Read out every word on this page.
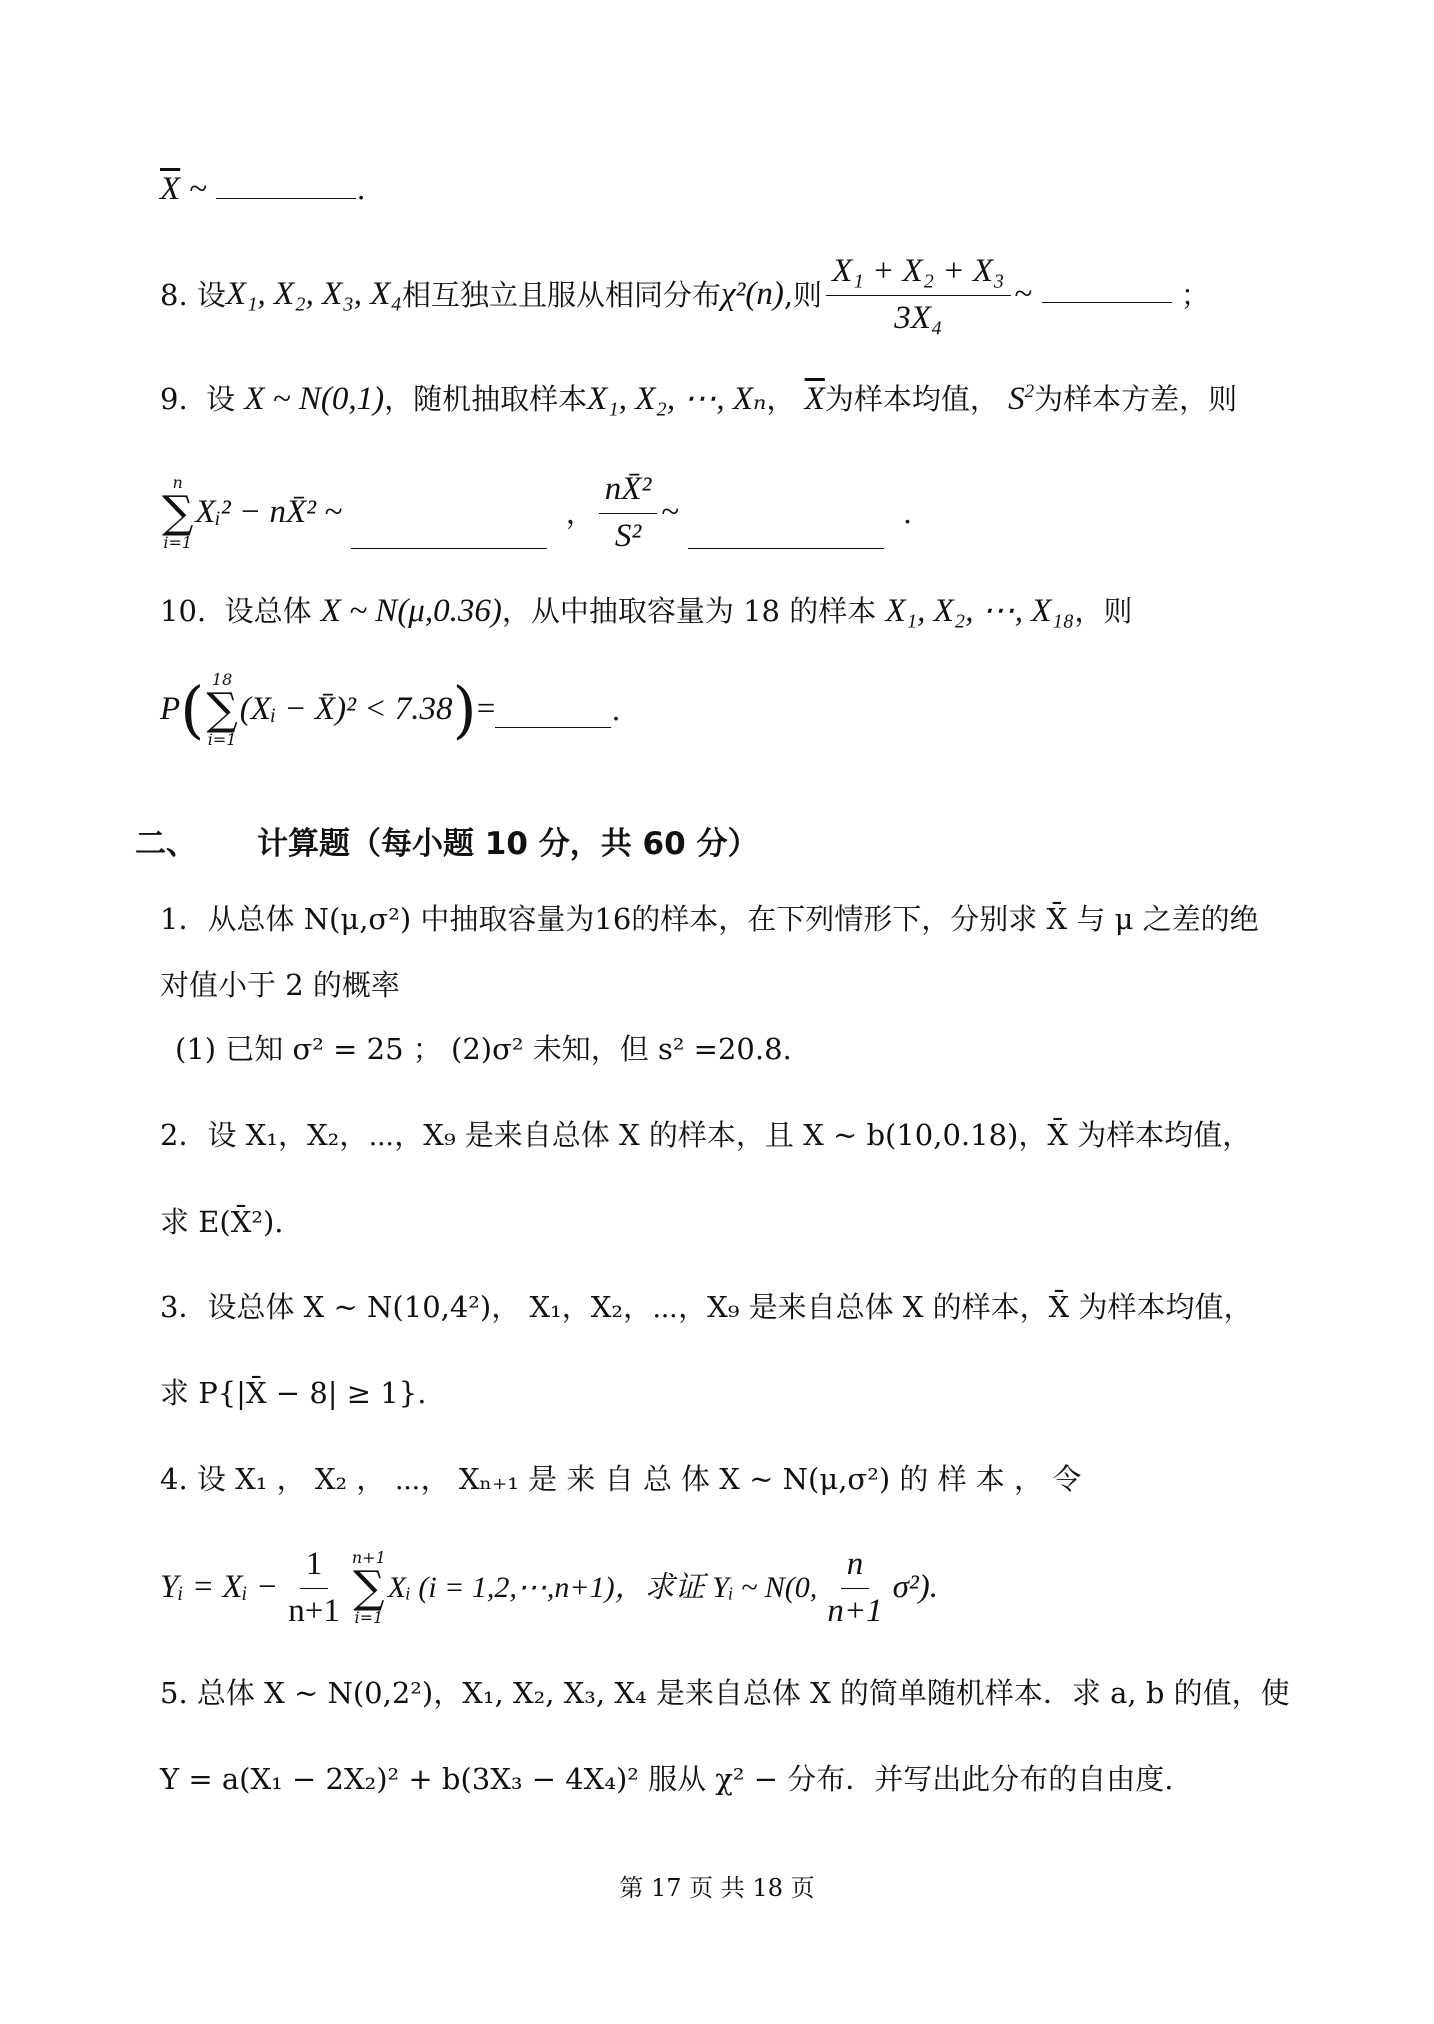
$\overline{X}$ ~	.
8.
设 X₁, X₂, X₃, X₄ 相互独立且服从相同分布 χ²(n) ,则 $\frac{\text{X₁ + X₂ + X₃}}{\text{3X₄}}$ ~

	；
9. 设 X ~ N(0,1)，随机抽取样本X₁, X₂, ⋯, Xₙ， $\overline{X}$为样本均值， $S^2$为样本方差，则
n
∑
i=1
Xᵢ² − nX̄² ~

	， $\frac{\text{nX̄²}}{\text{S²}}$ ~

	.
10. 设总体 X ~ N(μ,0.36)，从中抽取容量为 18 的样本 X₁, X₂, ⋯, X₁₈，则
P ( 18
∑
i=1
(Xᵢ − X̄)² < 7.38 ) =	.
二、 计算题（每小题 10 分，共 60 分）
1．从总体 N(μ,σ²) 中抽取容量为16的样本，在下列情形下，分别求 X̄ 与 μ 之差的绝
对值小于 2 的概率
(1) 已知 σ² = 25 ； (2)σ² 未知，但 s² =20.8.
2．设 X₁，X₂，⋯，X₉ 是来自总体 X 的样本，且 X ~ b(10,0.18)，X̄ 为样本均值，
求 E(X̄²).
3．设总体 X ~ N(10,4²)， X₁，X₂，⋯，X₉ 是来自总体 X 的样本，X̄ 为样本均值，
求 P{|X̄ − 8| ≥ 1}.
4. 设 X₁ ， X₂ ， ⋯， Xₙ₊₁ 是 来 自 总 体 X ~ N(μ,σ²) 的 样 本 ， 令
Yᵢ = Xᵢ − $\frac{1}{n+1} n+1$
∑
i=1
Xᵢ (i = 1,2,⋯,n+1)，求证 Yᵢ ~ N(0, $\frac{n}{n+1} \sigma^2$).
5. 总体 X ~ N(0,2²)，X₁, X₂, X₃, X₄ 是来自总体 X 的简单随机样本．求 a, b 的值，使
Y = a(X₁ − 2X₂)² + b(3X₃ − 4X₄)² 服从 χ² − 分布．并写出此分布的自由度.
第 17 页 共 18 页
